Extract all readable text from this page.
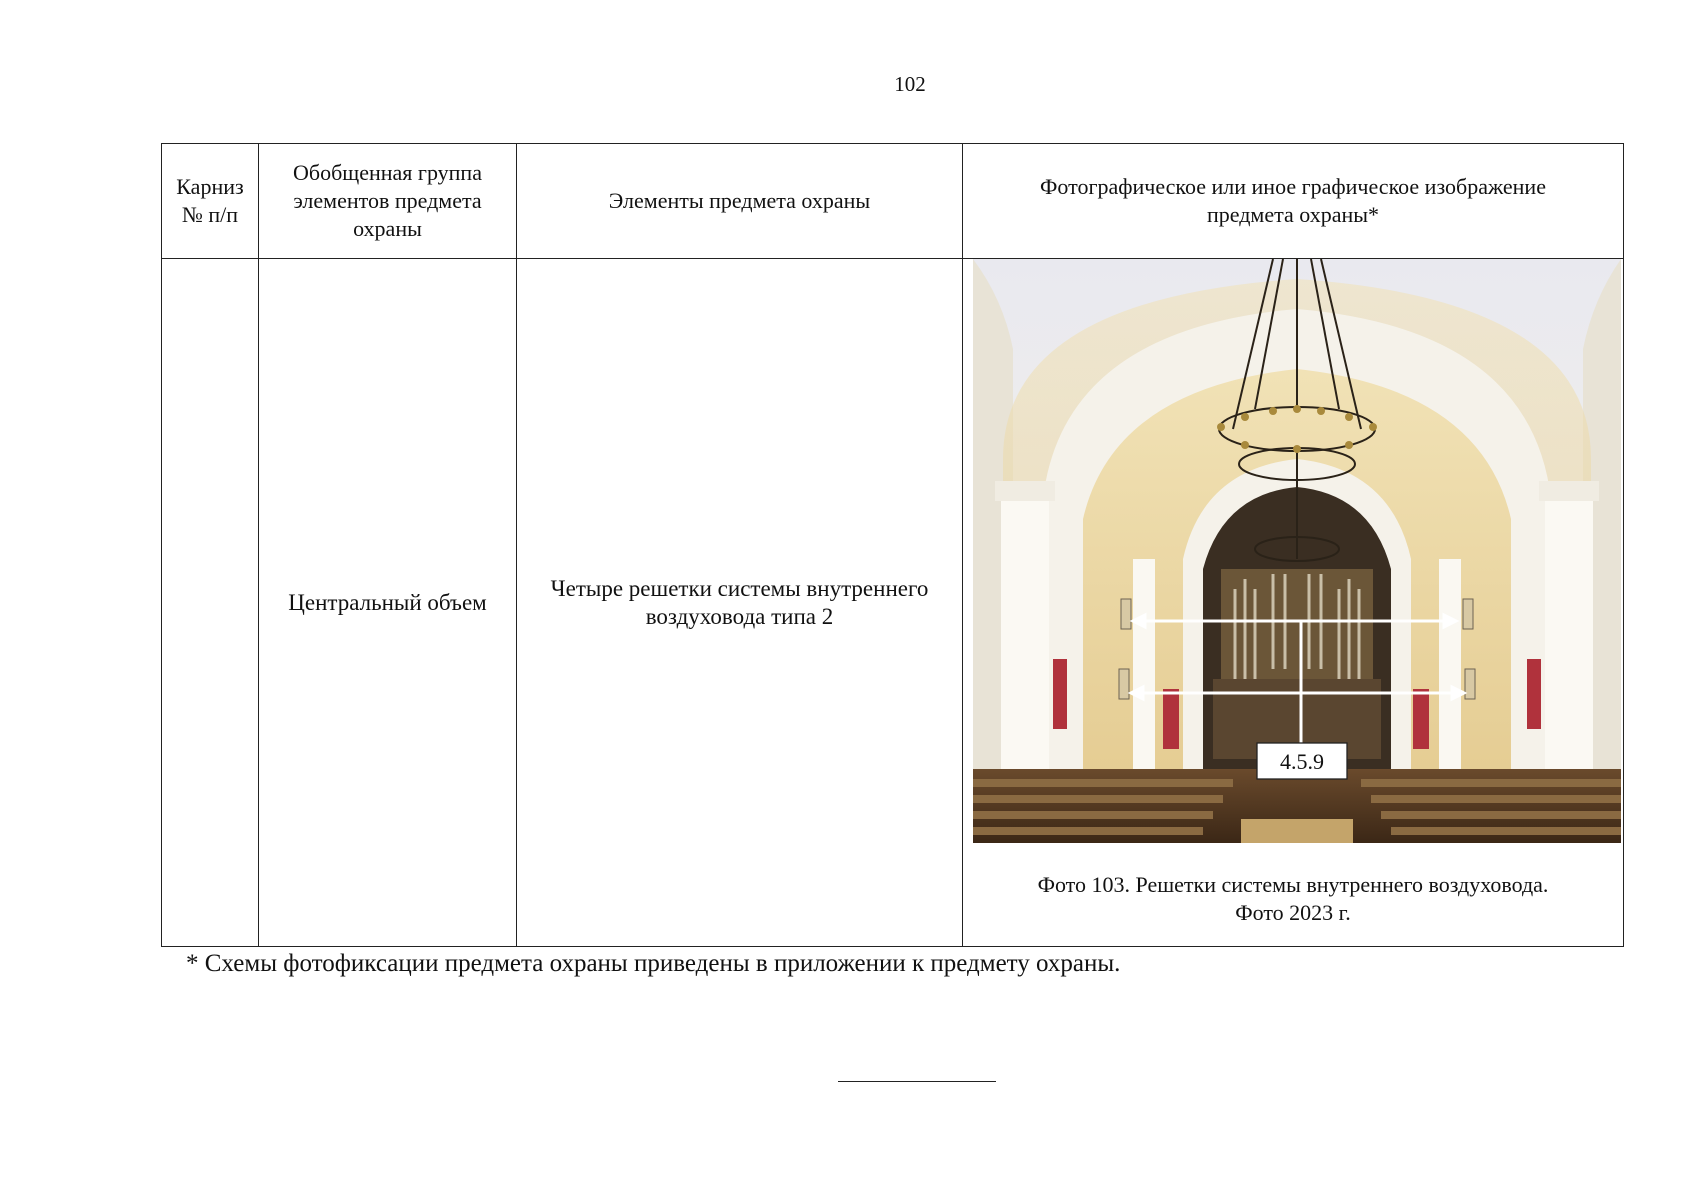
102
Карниз № п/п	Обобщенная группа элементов предмета охраны	Элементы предмета охраны	Фотографическое или иное графическое изображение предмета охраны*
	Центральный объем	Четыре решетки системы внутреннего воздуховода типа 2	4.5.9
Фото 103. Решетки системы внутреннего воздуховода.
Фото 2023 г.
* Схемы фотофиксации предмета охраны приведены в приложении к предмету охраны.
